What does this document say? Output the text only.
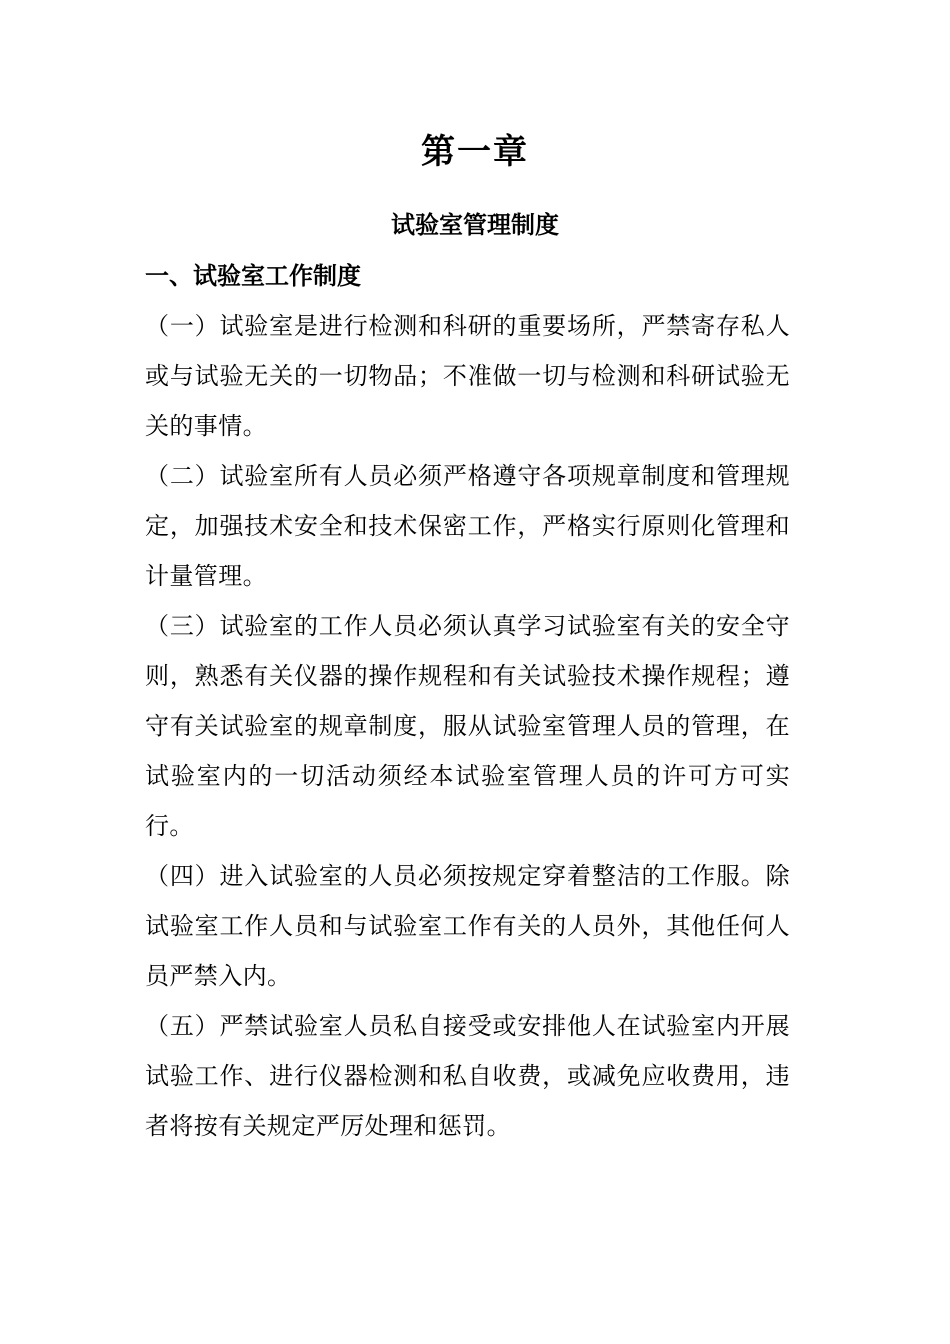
第一章
试验室管理制度
一、试验室工作制度

（一）试验室是进行检测和科研的重要场所，严禁寄存私人或与试验无关的一切物品；不准做一切与检测和科研试验无关的事情。

（二）试验室所有人员必须严格遵守各项规章制度和管理规定，加强技术安全和技术保密工作，严格实行原则化管理和计量管理。

（三）试验室的工作人员必须认真学习试验室有关的安全守则，熟悉有关仪器的操作规程和有关试验技术操作规程；遵守有关试验室的规章制度，服从试验室管理人员的管理，在试验室内的一切活动须经本试验室管理人员的许可方可实行。

（四）进入试验室的人员必须按规定穿着整洁的工作服。除试验室工作人员和与试验室工作有关的人员外，其他任何人员严禁入内。

（五）严禁试验室人员私自接受或安排他人在试验室内开展试验工作、进行仪器检测和私自收费，或减免应收费用，违者将按有关规定严厉处理和惩罚。
